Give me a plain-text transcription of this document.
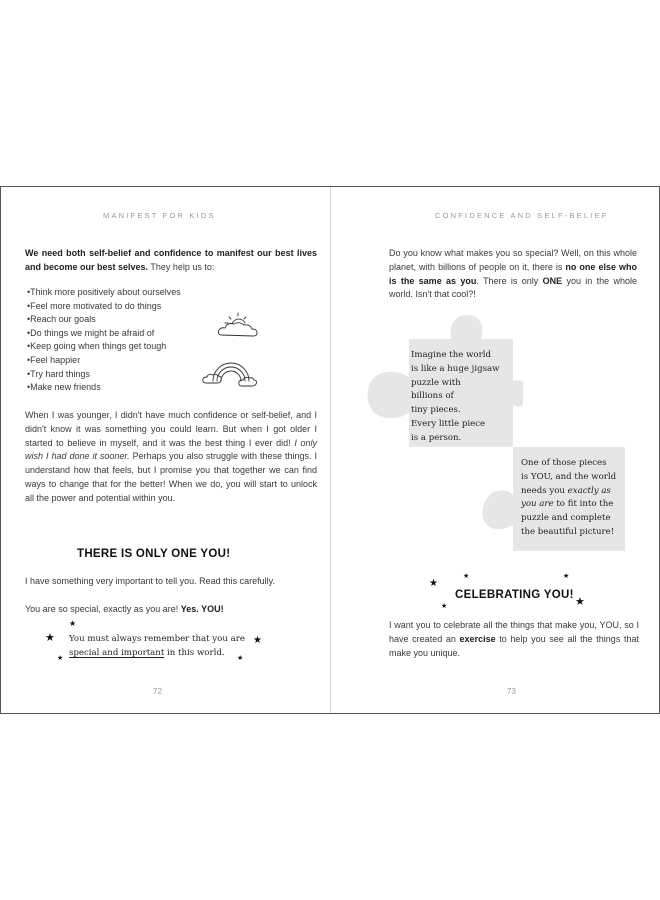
MANIFEST FOR KIDS

We need both self-belief and confidence to manifest our best lives and become our best selves. They help us to:

• Think more positively about ourselves
• Feel more motivated to do things
• Reach our goals
• Do things we might be afraid of
• Keep going when things get tough
• Feel happier
• Try hard things
• Make new friends

When I was younger, I didn't have much confidence or self-belief, and I didn't know it was something you could learn. But when I got older I started to believe in myself, and it was the best thing I ever did! I only wish I had done it sooner. Perhaps you also struggle with these things. I understand how that feels, but I promise you that together we can find ways to change that for the better! When we do, you will start to unlock all the power and potential within you.

THERE IS ONLY ONE YOU!

I have something very important to tell you. Read this carefully.

You are so special, exactly as you are! Yes. YOU!

★
★
★
★
★

You must always remember that you are
special and important in this world.

72
CONFIDENCE AND SELF-BELIEF

Do you know what makes you so special? Well, on this whole planet, with billions of people on it, there is no one else who is the same as you. There is only ONE you in the whole world. Isn't that cool?!

Imagine the world
is like a huge jigsaw
puzzle with
billions of
tiny pieces.
Every little piece
is a person.

One of those pieces
is YOU, and the world
needs you exactly as
you are to fit into the
puzzle and complete
the beautiful picture!

★
★	★
★	★
CELEBRATING YOU!

I want you to celebrate all the things that make you, YOU, so I have created an exercise to help you see all the things that make you unique.

73
